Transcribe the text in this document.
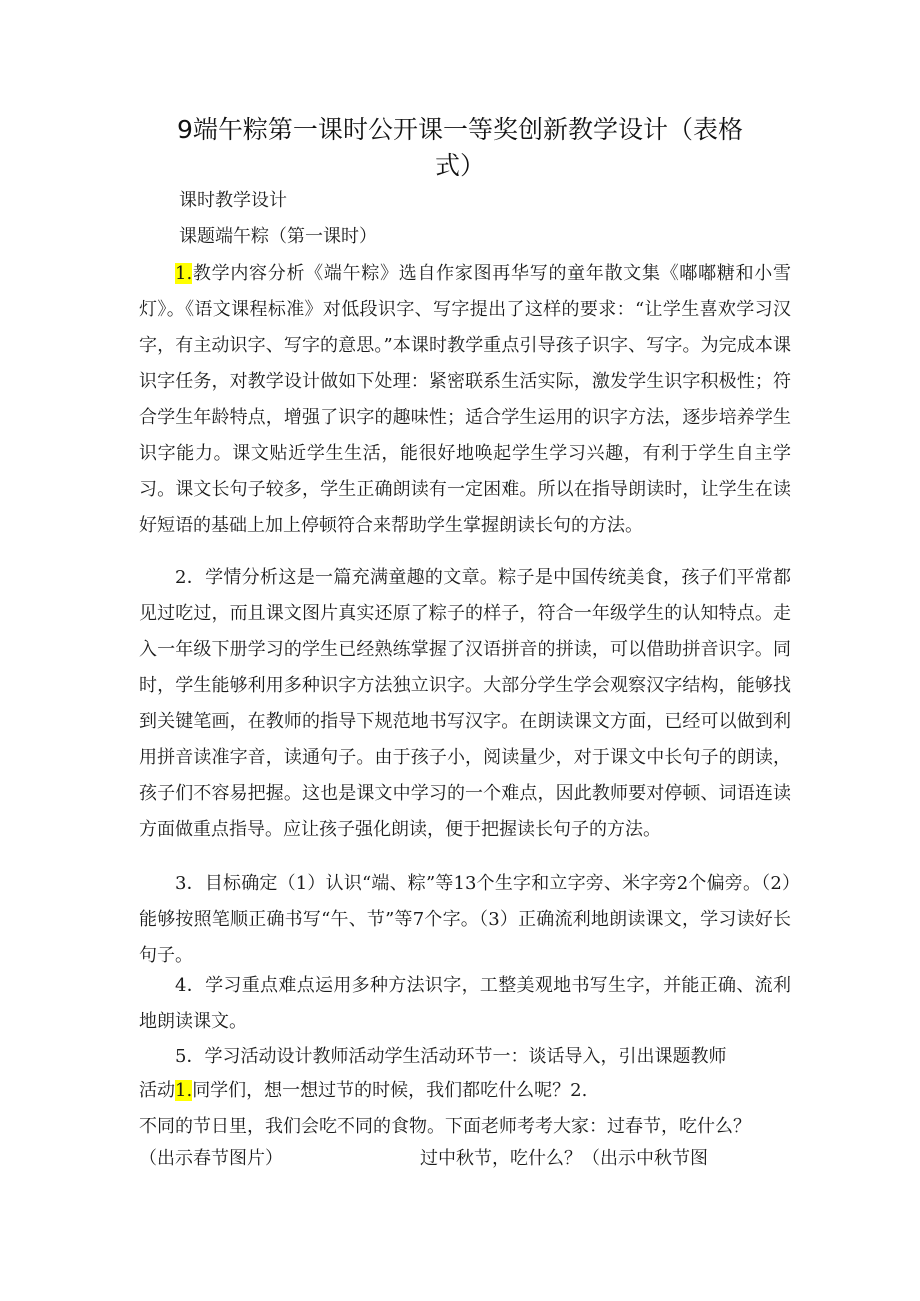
9端午粽第一课时公开课一等奖创新教学设计（表格
式）
课时教学设计
课题端午粽（第一课时）
1.教学内容分析《端午粽》选自作家图再华写的童年散文集《嘟嘟糖和小雪灯》。《语文课程标准》对低段识字、写字提出了这样的要求：“让学生喜欢学习汉字，有主动识字、写字的意思。”本课时教学重点引导孩子识字、写字。为完成本课识字任务，对教学设计做如下处理：紧密联系生活实际，激发学生识字积极性；符合学生年龄特点，增强了识字的趣味性；适合学生运用的识字方法，逐步培养学生识字能力。课文贴近学生生活，能很好地唤起学生学习兴趣，有利于学生自主学习。课文长句子较多，学生正确朗读有一定困难。所以在指导朗读时，让学生在读好短语的基础上加上停顿符合来帮助学生掌握朗读长句的方法。
2．学情分析这是一篇充满童趣的文章。粽子是中国传统美食，孩子们平常都见过吃过，而且课文图片真实还原了粽子的样子，符合一年级学生的认知特点。走入一年级下册学习的学生已经熟练掌握了汉语拼音的拼读，可以借助拼音识字。同时，学生能够利用多种识字方法独立识字。大部分学生学会观察汉字结构，能够找到关键笔画，在教师的指导下规范地书写汉字。在朗读课文方面，已经可以做到利用拼音读准字音，读通句子。由于孩子小，阅读量少，对于课文中长句子的朗读，孩子们不容易把握。这也是课文中学习的一个难点，因此教师要对停顿、词语连读方面做重点指导。应让孩子强化朗读，便于把握读长句子的方法。
3．目标确定（1）认识“端、粽”等13个生字和立字旁、米字旁2个偏旁。（2）能够按照笔顺正确书写“午、节”等7个字。（3）正确流利地朗读课文，学习读好长句子。
4．学习重点难点运用多种方法识字，工整美观地书写生字，并能正确、流利地朗读课文。
5．学习活动设计教师活动学生活动环节一：谈话导入，引出课题教师
活动1.同学们，想一想过节的时候，我们都吃什么呢？2.
不同的节日里，我们会吃不同的食物。下面老师考考大家：过春节，吃什么？
（出示春节图片）	过中秋节，吃什么？（出示中秋节图
